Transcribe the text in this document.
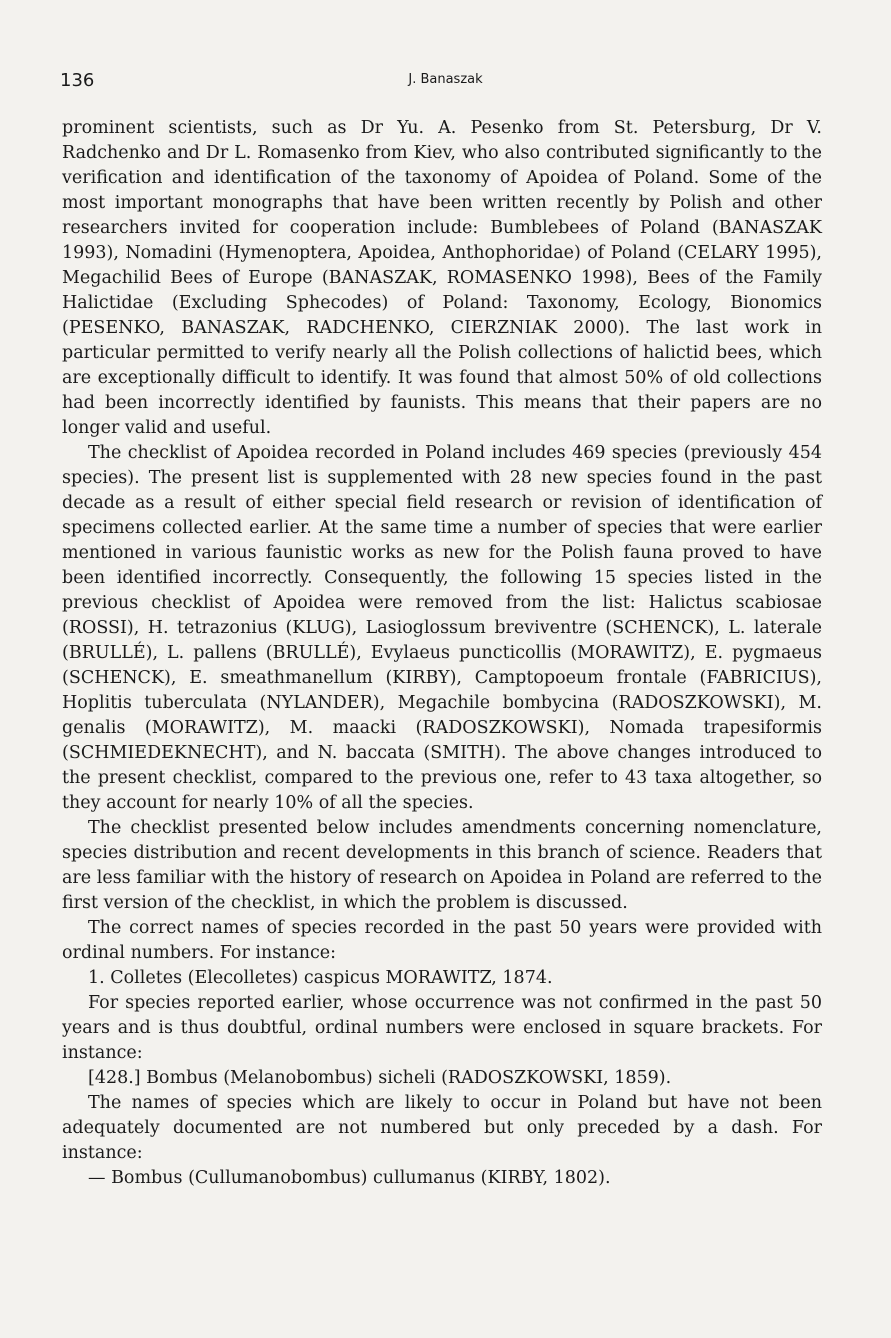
136	J. Banaszak

prominent scientists, such as Dr Yu. A. Pesenko from St. Petersburg, Dr V. Radchenko and Dr L. Romasenko from Kiev, who also contributed significantly to the verification and identification of the taxonomy of Apoidea of Poland. Some of the most important monographs that have been written recently by Polish and other researchers invited for cooperation include: Bumblebees of Poland (BANASZAK 1993), Nomadini (Hymenoptera, Apoidea, Anthophoridae) of Poland (CELARY 1995), Megachilid Bees of Europe (BANASZAK, ROMASENKO 1998), Bees of the Family Halictidae (Excluding Sphecodes) of Poland: Taxonomy, Ecology, Bionomics (PESENKO, BANASZAK, RADCHENKO, CIERZNIAK 2000). The last work in particular permitted to verify nearly all the Polish collections of halictid bees, which are exceptionally difficult to identify. It was found that almost 50% of old collections had been incorrectly identified by faunists. This means that their papers are no longer valid and useful.

The checklist of Apoidea recorded in Poland includes 469 species (previously 454 species). The present list is supplemented with 28 new species found in the past decade as a result of either special field research or revision of identification of specimens collected earlier. At the same time a number of species that were earlier mentioned in various faunistic works as new for the Polish fauna proved to have been identified incorrectly. Consequently, the following 15 species listed in the previous checklist of Apoidea were removed from the list: Halictus scabiosae (ROSSI), H. tetrazonius (KLUG), Lasioglossum breviventre (SCHENCK), L. laterale (BRULLÉ), L. pallens (BRULLÉ), Evylaeus puncticollis (MORAWITZ), E. pygmaeus (SCHENCK), E. smeathmanellum (KIRBY), Camptopoeum frontale (FABRICIUS), Hoplitis tuberculata (NYLANDER), Megachile bombycina (RADOSZKOWSKI), M. genalis (MORAWITZ), M. maacki (RADOSZKOWSKI), Nomada trapesiformis (SCHMIEDEKNECHT), and N. baccata (SMITH). The above changes introduced to the present checklist, compared to the previous one, refer to 43 taxa altogether, so they account for nearly 10% of all the species.

The checklist presented below includes amendments concerning nomenclature, species distribution and recent developments in this branch of science. Readers that are less familiar with the history of research on Apoidea in Poland are referred to the first version of the checklist, in which the problem is discussed.

The correct names of species recorded in the past 50 years were provided with ordinal numbers. For instance:

1. Colletes (Elecolletes) caspicus MORAWITZ, 1874.

For species reported earlier, whose occurrence was not confirmed in the past 50 years and is thus doubtful, ordinal numbers were enclosed in square brackets. For instance:

[428.] Bombus (Melanobombus) sicheli (RADOSZKOWSKI, 1859).

The names of species which are likely to occur in Poland but have not been adequately documented are not numbered but only preceded by a dash. For instance:

— Bombus (Cullumanobombus) cullumanus (KIRBY, 1802).
